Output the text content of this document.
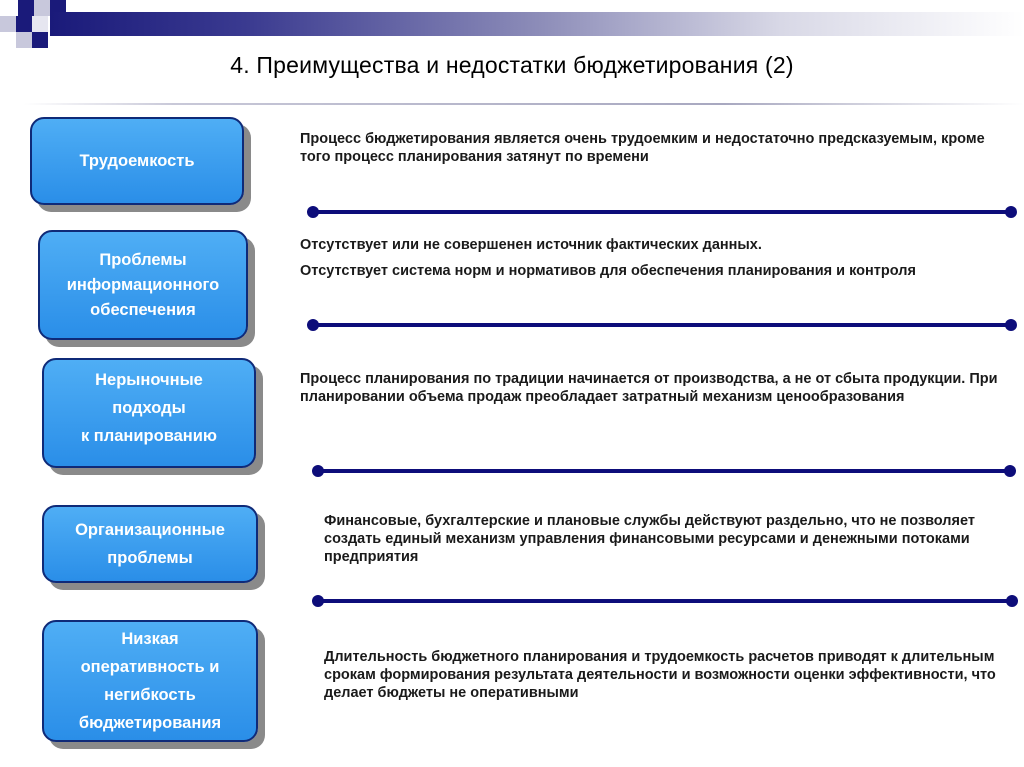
4. Преимущества и недостатки бюджетирования (2)
Трудоемкость

Процесс бюджетирования является очень трудоемким и недостаточно предсказуемым, кроме того процесс планирования затянут по времени

Проблемы
информационного
обеспечения

Отсутствует или не совершенен источник фактических данных.

Отсутствует система норм и нормативов для обеспечения планирования и контроля

Нерыночные
подходы
к планированию

Процесс планирования по традиции начинается от производства, а не от сбыта продукции. При планировании объема продаж преобладает затратный механизм ценообразования

Организационные
проблемы

Финансовые, бухгалтерские и плановые службы действуют раздельно, что не позволяет создать единый механизм управления финансовыми ресурсами и денежными потоками предприятия

Низкая
оперативность и
негибкость
бюджетирования

Длительность бюджетного планирования и трудоемкость расчетов приводят к длительным срокам формирования результата деятельности и возможности оценки эффективности, что делает бюджеты не оперативными
